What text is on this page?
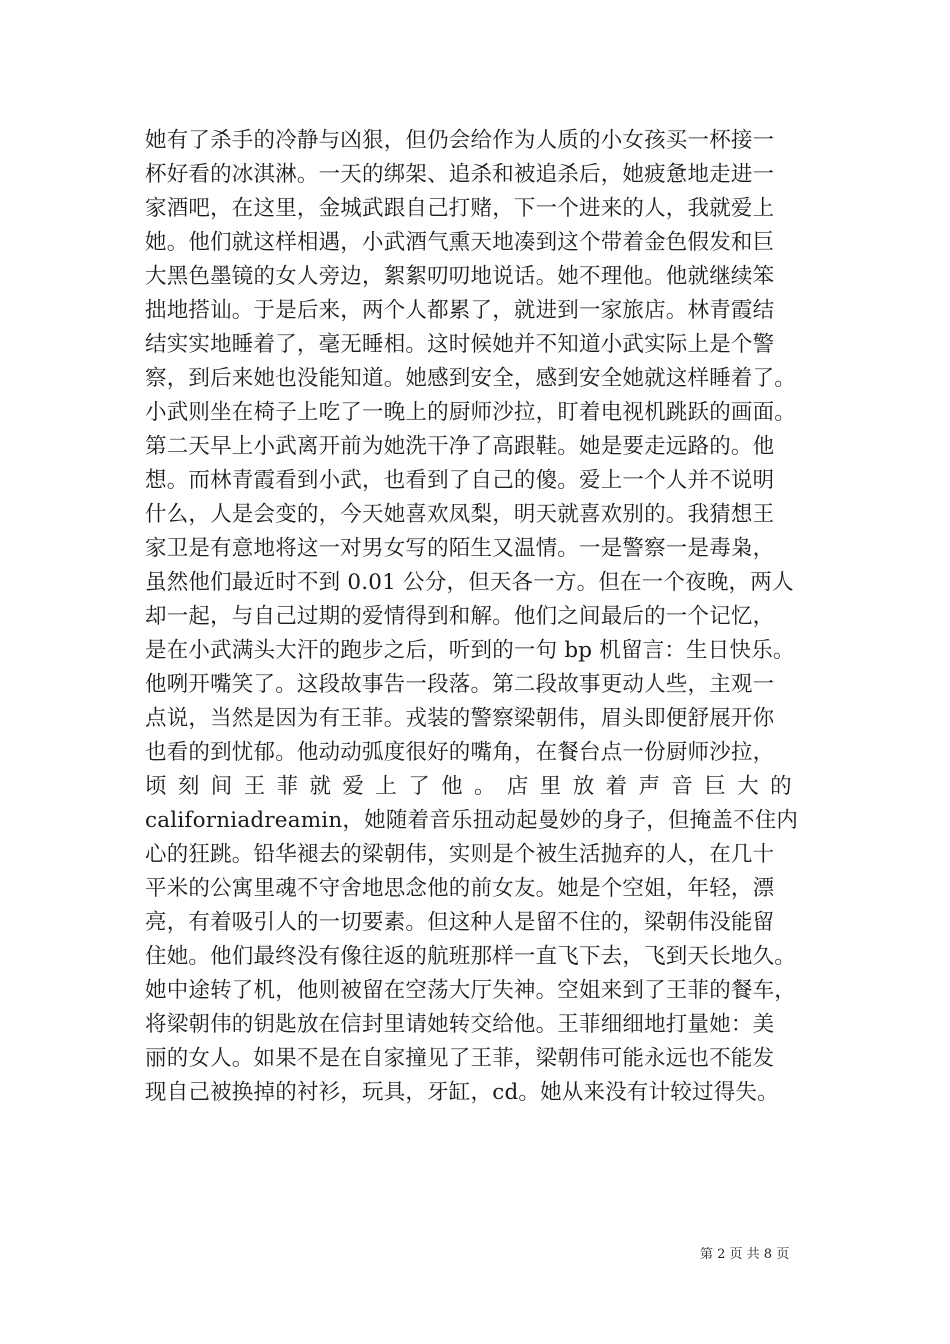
她有了杀手的冷静与凶狠，但仍会给作为人质的小女孩买一杯接一
杯好看的冰淇淋。一天的绑架、追杀和被追杀后，她疲惫地走进一
家酒吧，在这里，金城武跟自己打赌，下一个进来的人，我就爱上
她。他们就这样相遇，小武酒气熏天地凑到这个带着金色假发和巨
大黑色墨镜的女人旁边，絮絮叨叨地说话。她不理他。他就继续笨
拙地搭讪。于是后来，两个人都累了，就进到一家旅店。林青霞结
结实实地睡着了，毫无睡相。这时候她并不知道小武实际上是个警
察，到后来她也没能知道。她感到安全，感到安全她就这样睡着了。
小武则坐在椅子上吃了一晚上的厨师沙拉，盯着电视机跳跃的画面。
第二天早上小武离开前为她洗干净了高跟鞋。她是要走远路的。他
想。而林青霞看到小武，也看到了自己的傻。爱上一个人并不说明
什么，人是会变的，今天她喜欢凤梨，明天就喜欢别的。我猜想王
家卫是有意地将这一对男女写的陌生又温情。一是警察一是毒枭，
虽然他们最近时不到 0.01 公分，但天各一方。但在一个夜晚，两人
却一起，与自己过期的爱情得到和解。他们之间最后的一个记忆，
是在小武满头大汗的跑步之后，听到的一句 bp 机留言：生日快乐。
他咧开嘴笑了。这段故事告一段落。第二段故事更动人些，主观一
点说，当然是因为有王菲。戎装的警察梁朝伟，眉头即便舒展开你
也看的到忧郁。他动动弧度很好的嘴角，在餐台点一份厨师沙拉，
顷刻间王菲就爱上了他。店里放着声音巨大的
californiadreamin，她随着音乐扭动起曼妙的身子，但掩盖不住内
心的狂跳。铅华褪去的梁朝伟，实则是个被生活抛弃的人，在几十
平米的公寓里魂不守舍地思念他的前女友。她是个空姐，年轻，漂
亮，有着吸引人的一切要素。但这种人是留不住的，梁朝伟没能留
住她。他们最终没有像往返的航班那样一直飞下去，飞到天长地久。
她中途转了机，他则被留在空荡大厅失神。空姐来到了王菲的餐车，
将梁朝伟的钥匙放在信封里请她转交给他。王菲细细地打量她：美
丽的女人。如果不是在自家撞见了王菲，梁朝伟可能永远也不能发
现自己被换掉的衬衫，玩具，牙缸，cd。她从来没有计较过得失。
第 2 页 共 8 页
